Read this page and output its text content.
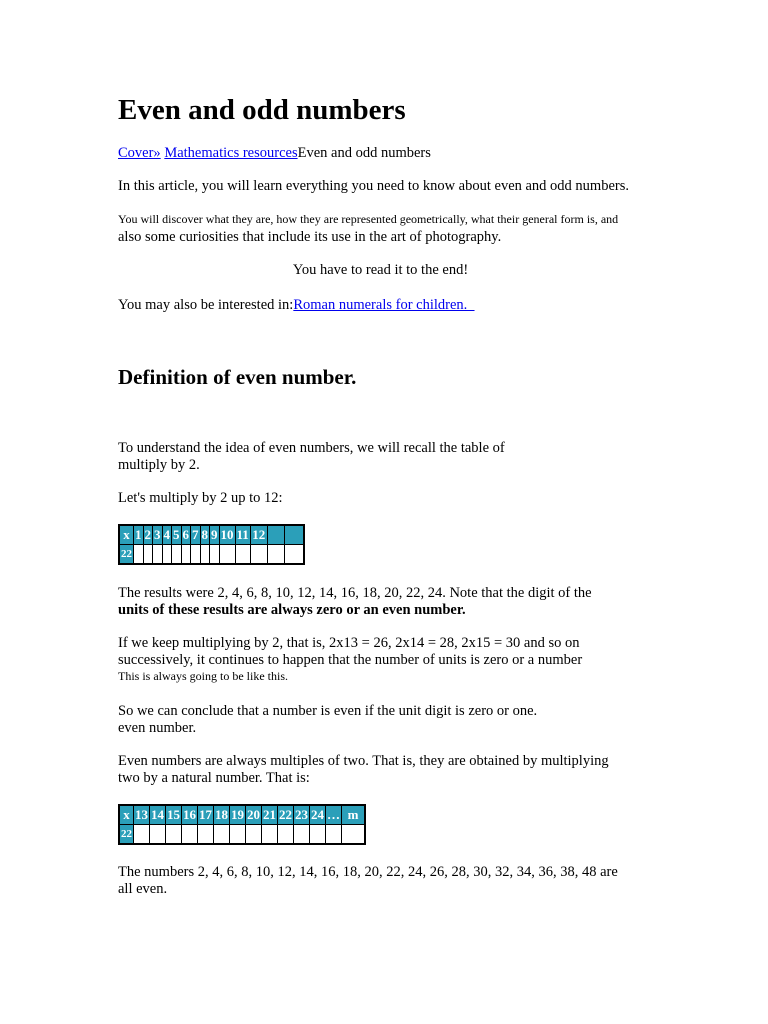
Even and odd numbers
Cover» Mathematics resourcesEven and odd numbers
In this article, you will learn everything you need to know about even and odd numbers.
You will discover what they are, how they are represented geometrically, what their general form is, and
also some curiosities that include its use in the art of photography.
You have to read it to the end!
You may also be interested in:Roman numerals for children.
Definition of even number.
To understand the idea of even numbers, we will recall the table of
multiply by 2.
Let's multiply by 2 up to 12:
x	1	2	3	4	5	6	7	8	9	10	11	12		
22														
The results were 2, 4, 6, 8, 10, 12, 14, 16, 18, 20, 22, 24. Note that the digit of the
units of these results are always zero or an even number.
If we keep multiplying by 2, that is, 2x13 = 26, 2x14 = 28, 2x15 = 30 and so on
successively, it continues to happen that the number of units is zero or a number
This is always going to be like this.
So we can conclude that a number is even if the unit digit is zero or one.
even number.
Even numbers are always multiples of two. That is, they are obtained by multiplying
two by a natural number. That is:
x	13	14	15	16	17	18	19	20	21	22	23	24	…	m
22														
The numbers 2, 4, 6, 8, 10, 12, 14, 16, 18, 20, 22, 24, 26, 28, 30, 32, 34, 36, 38, 48 are
all even.
